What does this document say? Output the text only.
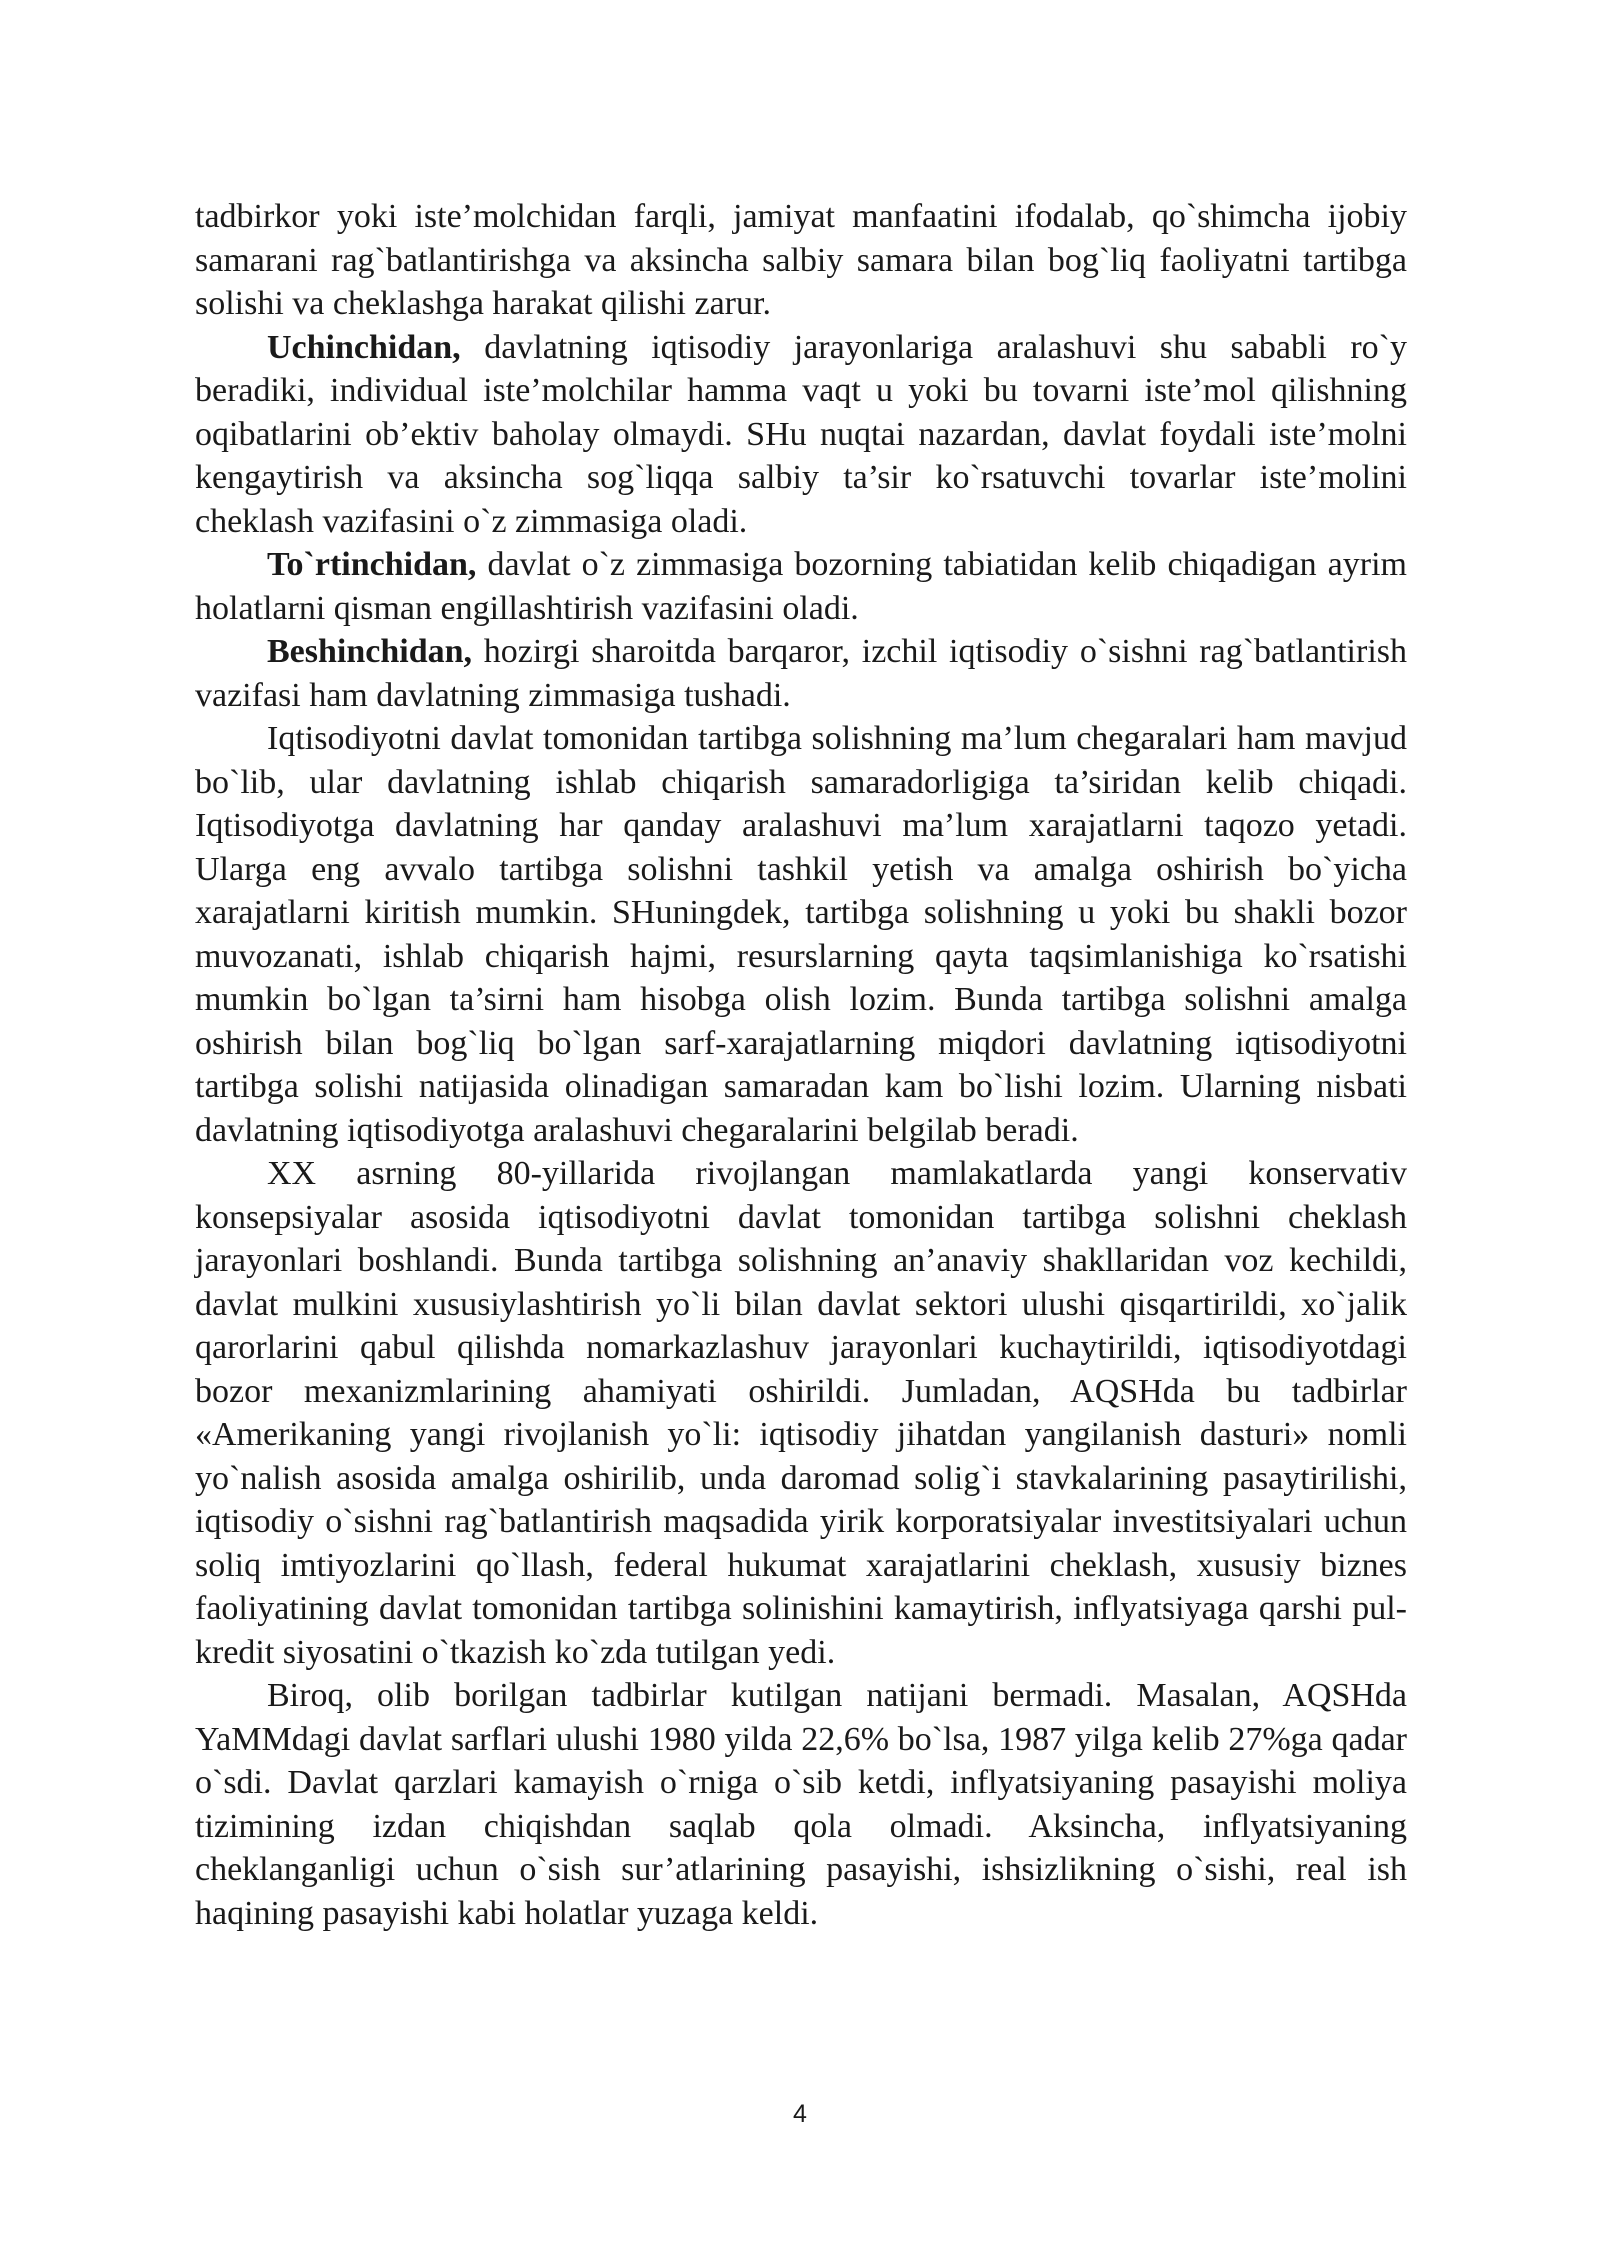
tadbirkor yoki iste’molchidan farqli, jamiyat manfaatini ifodalab, qo`shimcha ijobiy samarani rag`batlantirishga va aksincha salbiy samara bilan bog`liq faoliyatni tartibga solishi va cheklashga harakat qilishi zarur.

Uchinchidan, davlatning iqtisodiy jarayonlariga aralashuvi shu sababli ro`y beradiki, individual iste’molchilar hamma vaqt u yoki bu tovarni iste’mol qilishning oqibatlarini ob’ektiv baholay olmaydi. SHu nuqtai nazardan, davlat foydali iste’molni kengaytirish va aksincha sog`liqqa salbiy ta’sir ko`rsatuvchi tovarlar iste’molini cheklash vazifasini o`z zimmasiga oladi.

To`rtinchidan, davlat o`z zimmasiga bozorning tabiatidan kelib chiqadigan ayrim holatlarni qisman engillashtirish vazifasini oladi.

Beshinchidan, hozirgi sharoitda barqaror, izchil iqtisodiy o`sishni rag`batlantirish vazifasi ham davlatning zimmasiga tushadi.

Iqtisodiyotni davlat tomonidan tartibga solishning ma’lum chegaralari ham mavjud bo`lib, ular davlatning ishlab chiqarish samaradorligiga ta’siridan kelib chiqadi. Iqtisodiyotga davlatning har qanday aralashuvi ma’lum xarajatlarni taqozo yetadi. Ularga eng avvalo tartibga solishni tashkil yetish va amalga oshirish bo`yicha xarajatlarni kiritish mumkin. SHuningdek, tartibga solishning u yoki bu shakli bozor muvozanati, ishlab chiqarish hajmi, resurslarning qayta taqsimlanishiga ko`rsatishi mumkin bo`lgan ta’sirni ham hisobga olish lozim. Bunda tartibga solishni amalga oshirish bilan bog`liq bo`lgan sarf-xarajatlarning miqdori davlatning iqtisodiyotni tartibga solishi natijasida olinadigan samaradan kam bo`lishi lozim. Ularning nisbati davlatning iqtisodiyotga aralashuvi chegaralarini belgilab beradi.

XX asrning 80-yillarida rivojlangan mamlakatlarda yangi konservativ konsepsiyalar asosida iqtisodiyotni davlat tomonidan tartibga solishni cheklash jarayonlari boshlandi. Bunda tartibga solishning an’anaviy shakllaridan voz kechildi, davlat mulkini xususiylashtirish yo`li bilan davlat sektori ulushi qisqartirildi, xo`jalik qarorlarini qabul qilishda nomarkazlashuv jarayonlari kuchaytirildi, iqtisodiyotdagi bozor mexanizmlarining ahamiyati oshirildi. Jumladan, AQSHda bu tadbirlar «Amerikaning yangi rivojlanish yo`li: iqtisodiy jihatdan yangilanish dasturi» nomli yo`nalish asosida amalga oshirilib, unda daromad solig`i stavkalarining pasaytirilishi, iqtisodiy o`sishni rag`batlantirish maqsadida yirik korporatsiyalar investitsiyalari uchun soliq imtiyozlarini qo`llash, federal hukumat xarajatlarini cheklash, xususiy biznes faoliyatining davlat tomonidan tartibga solinishini kamaytirish, inflyatsiyaga qarshi pul-kredit siyosatini o`tkazish ko`zda tutilgan yedi.

Biroq, olib borilgan tadbirlar kutilgan natijani bermadi. Masalan, AQSHda YaMMdagi davlat sarflari ulushi 1980 yilda 22,6% bo`lsa, 1987 yilga kelib 27%ga qadar o`sdi. Davlat qarzlari kamayish o`rniga o`sib ketdi, inflyatsiyaning pasayishi moliya tizimining izdan chiqishdan saqlab qola olmadi. Aksincha, inflyatsiyaning cheklanganligi uchun o`sish sur’atlarining pasayishi, ishsizlikning o`sishi, real ish haqining pasayishi kabi holatlar yuzaga keldi.

4
